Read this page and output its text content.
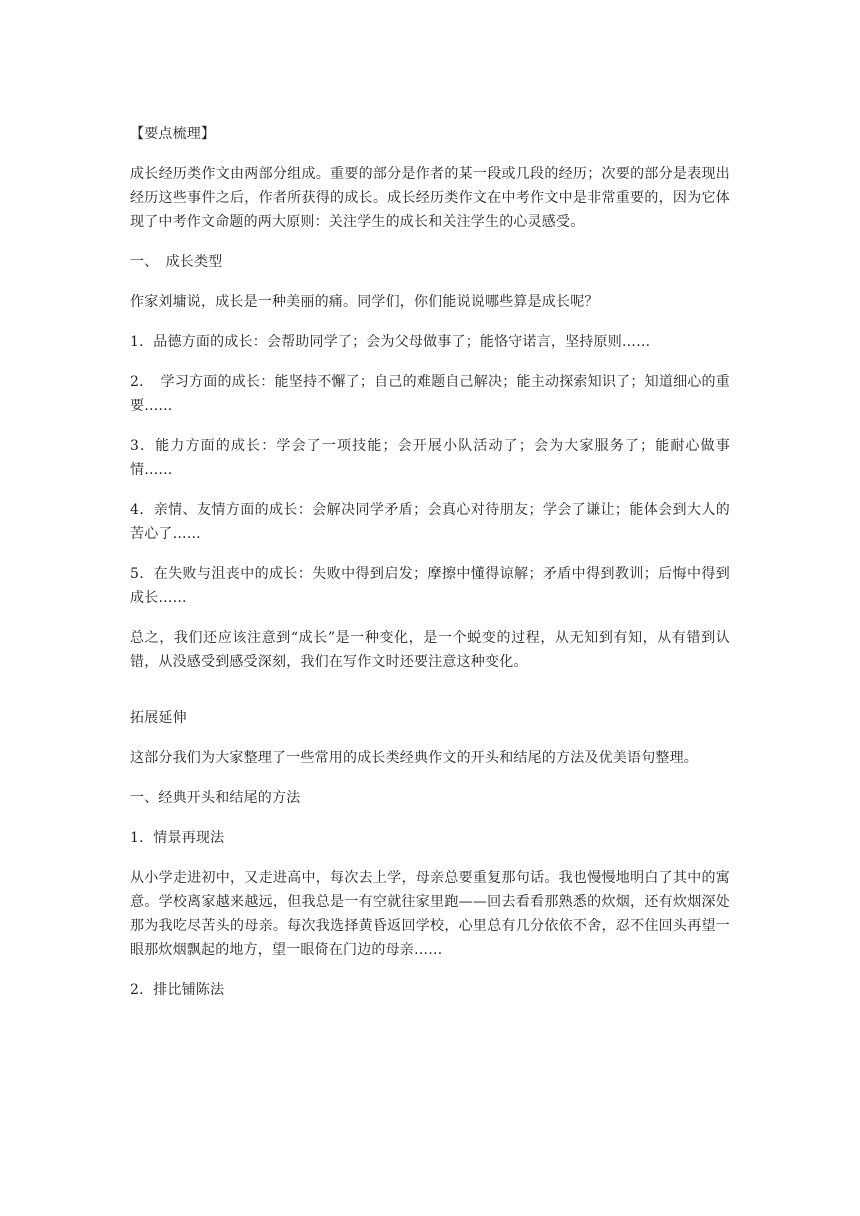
【要点梳理】

成长经历类作文由两部分组成。重要的部分是作者的某一段或几段的经历；次要的部分是表现出经历这些事件之后，作者所获得的成长。成长经历类作文在中考作文中是非常重要的，因为它体现了中考作文命题的两大原则：关注学生的成长和关注学生的心灵感受。

一、　成长类型

作家刘墉说，成长是一种美丽的痛。同学们，你们能说说哪些算是成长呢？

1．品德方面的成长：会帮助同学了；会为父母做事了；能恪守诺言，坚持原则……

2．　学习方面的成长：能坚持不懈了；自己的难题自己解决；能主动探索知识了；知道细心的重要……

3．能力方面的成长：学会了一项技能；会开展小队活动了；会为大家服务了；能耐心做事情……

4．亲情、友情方面的成长：会解决同学矛盾；会真心对待朋友；学会了谦让；能体会到大人的苦心了……

5．在失败与沮丧中的成长：失败中得到启发；摩擦中懂得谅解；矛盾中得到教训；后悔中得到成长……

总之，我们还应该注意到“成长”是一种变化，是一个蜕变的过程，从无知到有知，从有错到认错，从没感受到感受深刻，我们在写作文时还要注意这种变化。

拓展延伸

这部分我们为大家整理了一些常用的成长类经典作文的开头和结尾的方法及优美语句整理。

一、经典开头和结尾的方法

1．情景再现法

从小学走进初中，又走进高中，每次去上学，母亲总要重复那句话。我也慢慢地明白了其中的寓意。学校离家越来越远，但我总是一有空就往家里跑——回去看看那熟悉的炊烟，还有炊烟深处那为我吃尽苦头的母亲。每次我选择黄昏返回学校，心里总有几分依依不舍，忍不住回头再望一眼那炊烟飘起的地方，望一眼倚在门边的母亲……

2．排比铺陈法
